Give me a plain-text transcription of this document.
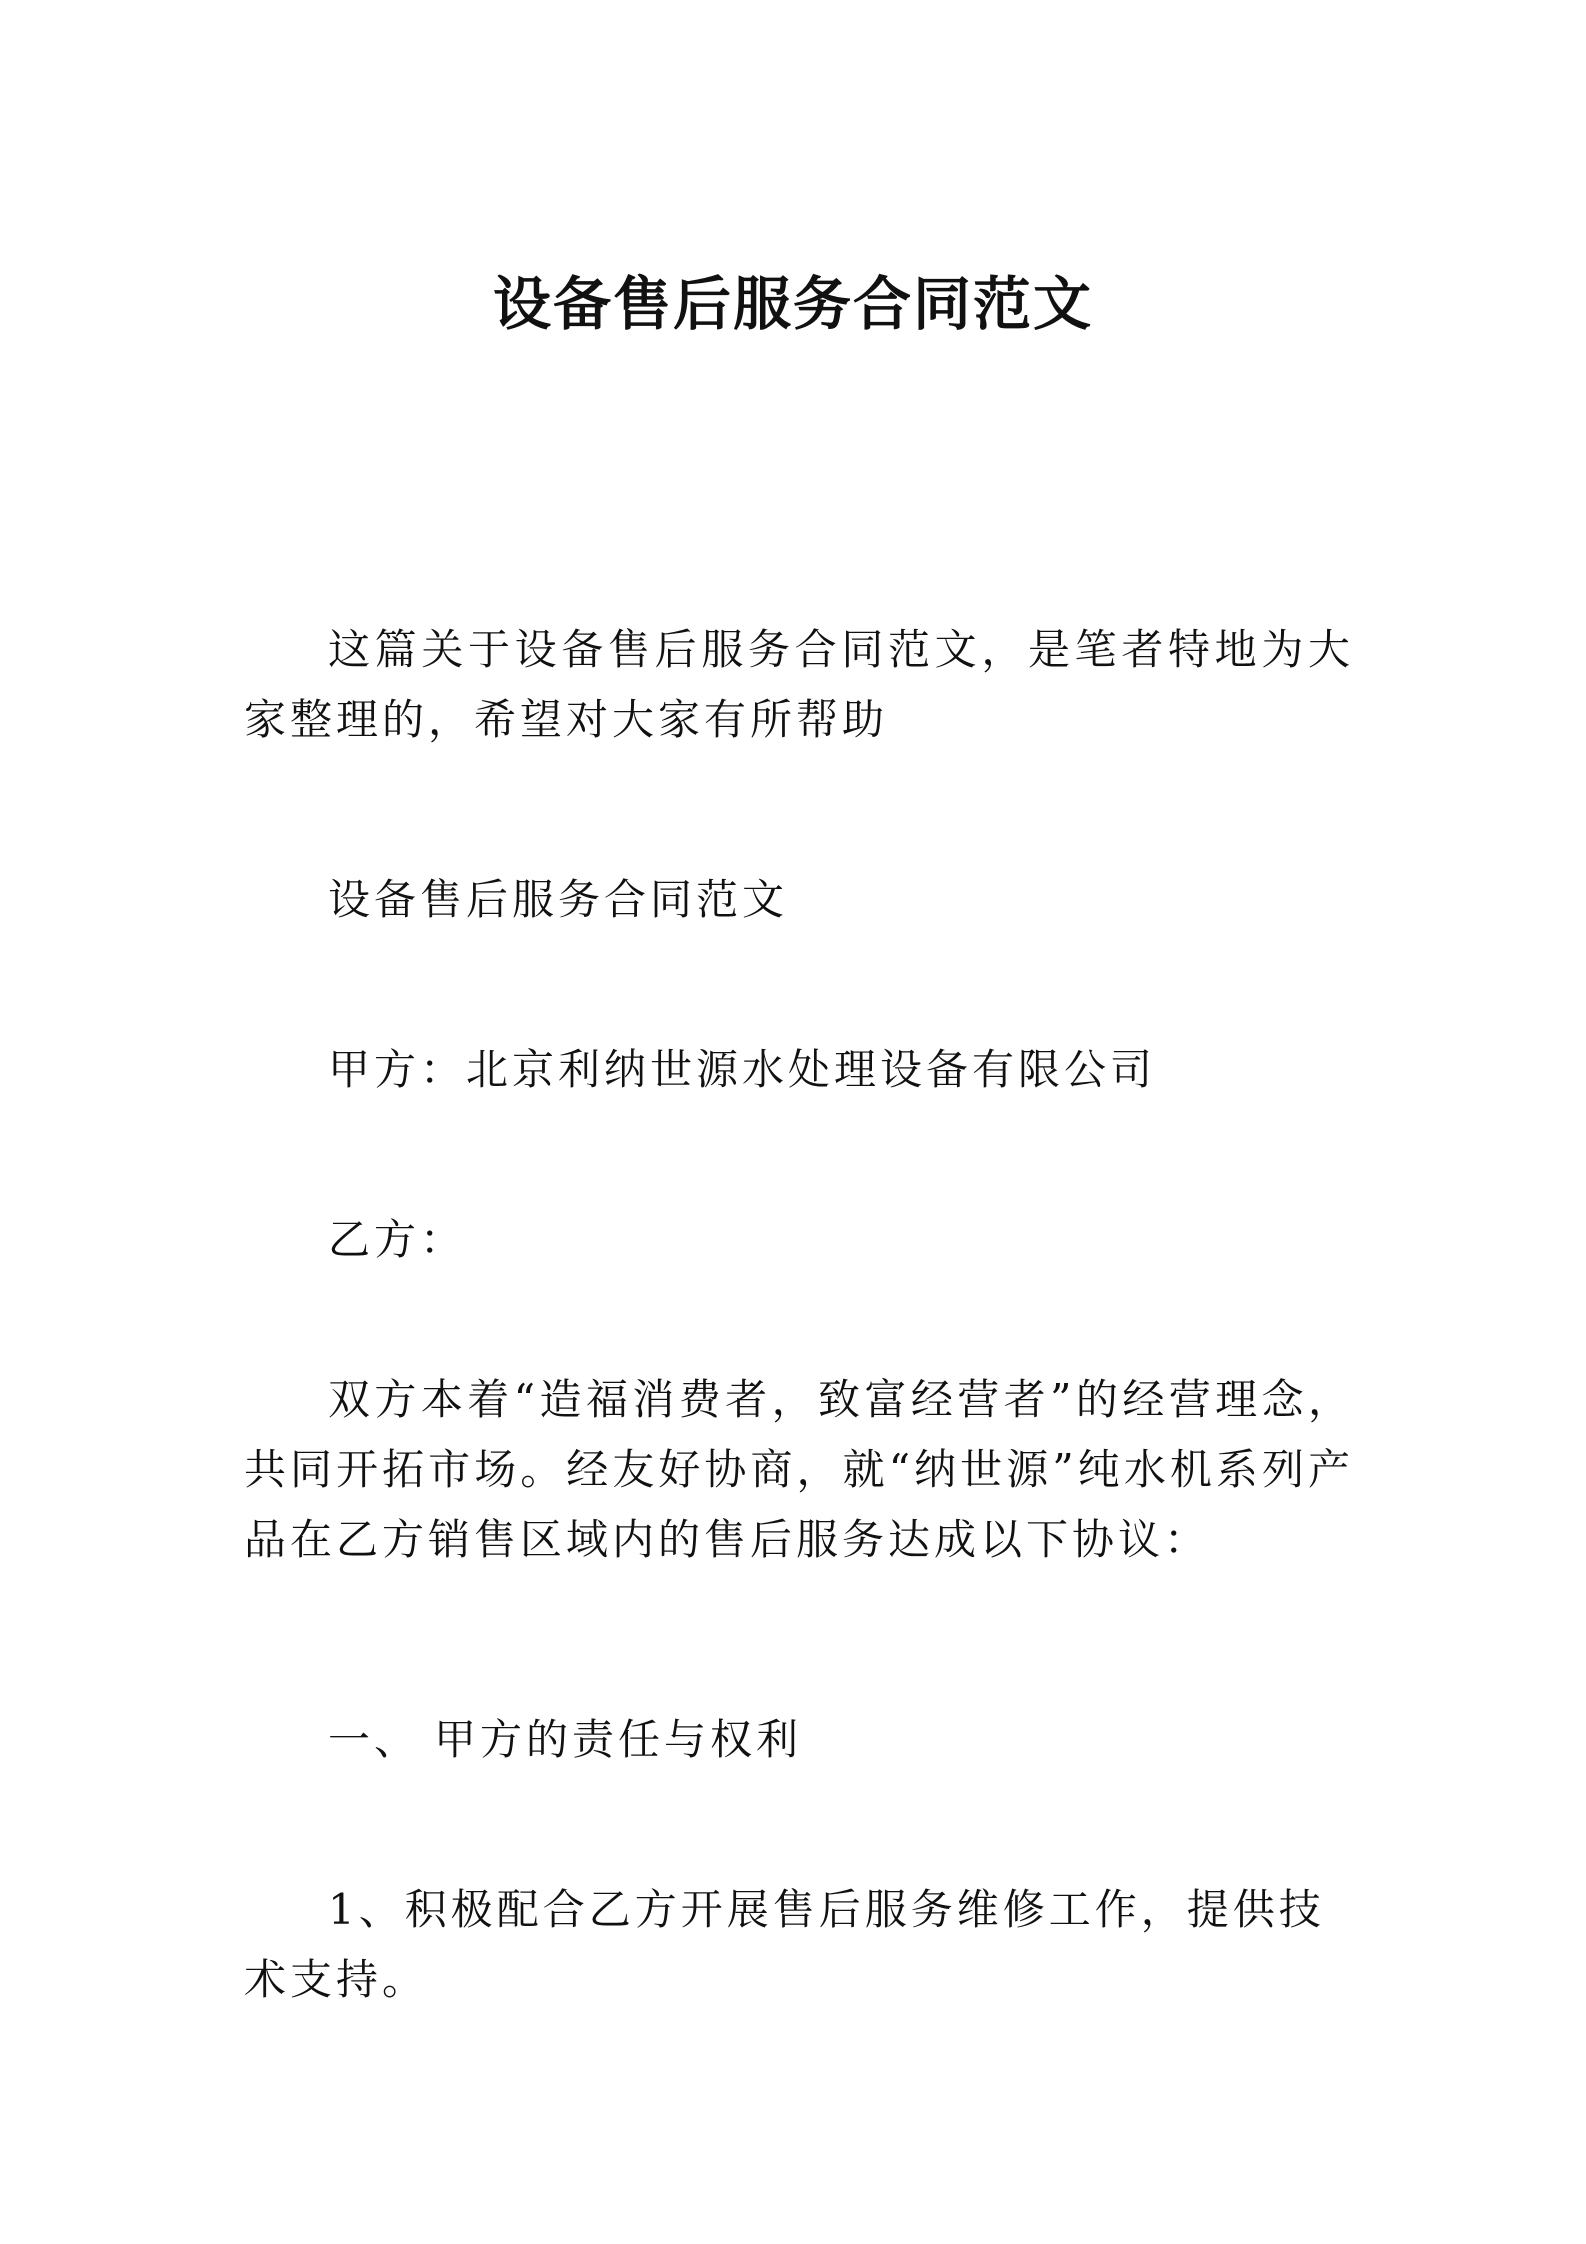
设备售后服务合同范文

这篇关于设备售后服务合同范文，是笔者特地为大家整理的，希望对大家有所帮助

设备售后服务合同范文

甲方：北京利纳世源水处理设备有限公司

乙方：

双方本着“造福消费者，致富经营者”的经营理念，共同开拓市场。经友好协商，就“纳世源”纯水机系列产品在乙方销售区域内的售后服务达成以下协议：

一、 甲方的责任与权利

1、积极配合乙方开展售后服务维修工作，提供技术支持。
